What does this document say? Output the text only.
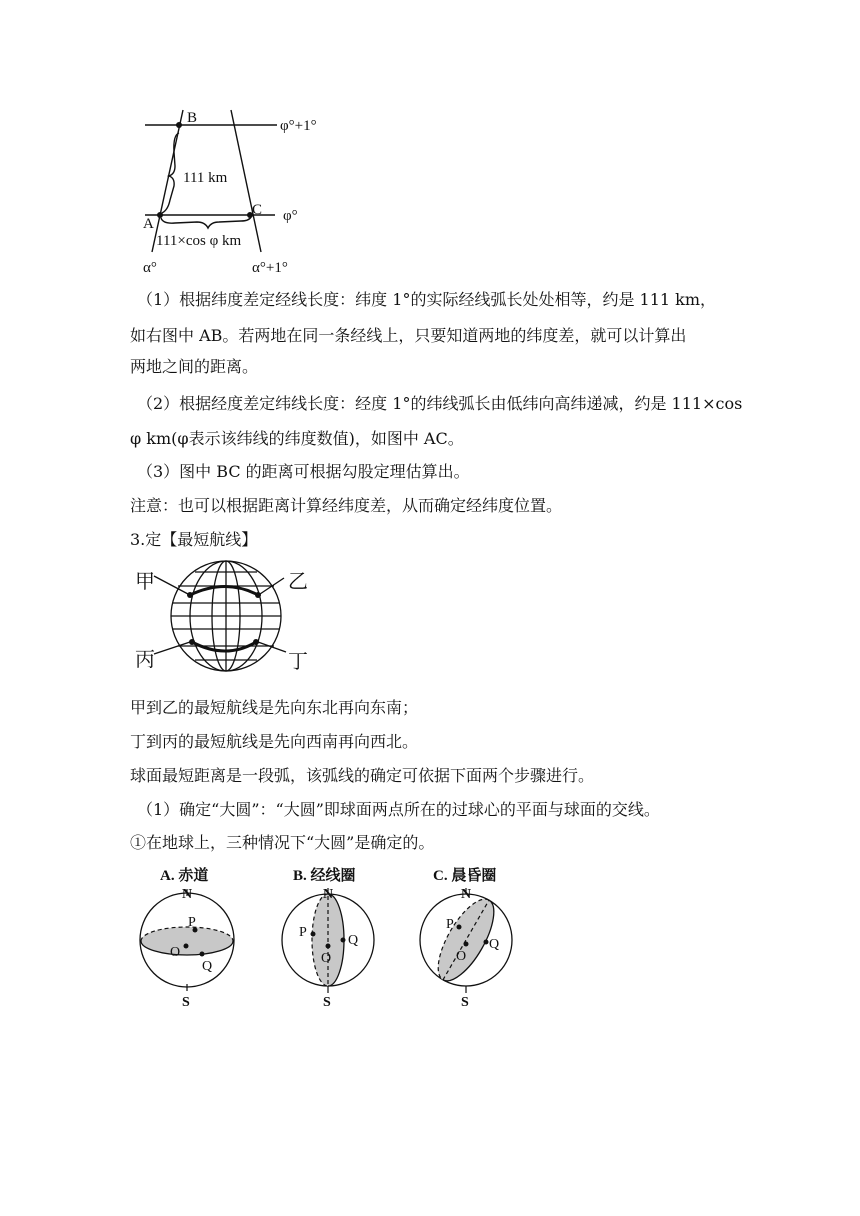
B
A
C
φ°+1°
φ°
111 km
111×cos φ km
α°	α°+1°
（1）根据纬度差定经线长度：纬度 1°的实际经线弧长处处相等，约是 111 km，
如右图中 AB。若两地在同一条经线上，只要知道两地的纬度差，就可以计算出
两地之间的距离。
（2）根据经度差定纬线长度：经度 1°的纬线弧长由低纬向高纬递减，约是 111×cos
φ km(φ表示该纬线的纬度数值)，如图中 AC。
（3）图中 BC 的距离可根据勾股定理估算出。
注意：也可以根据距离计算经纬度差，从而确定经纬度位置。
3.定【最短航线】
甲	乙
丙	丁
甲到乙的最短航线是先向东北再向东南；
丁到丙的最短航线是先向西南再向西北。
球面最短距离是一段弧，该弧线的确定可依据下面两个步骤进行。
（1）确定“大圆”：“大圆”即球面两点所在的过球心的平面与球面的交线。
①在地球上，三种情况下“大圆”是确定的。
A. 赤道
N
S
P
O
Q
B. 经线圈
N
S
P
O
Q
C. 晨昏圈
N
S
P
O
Q
